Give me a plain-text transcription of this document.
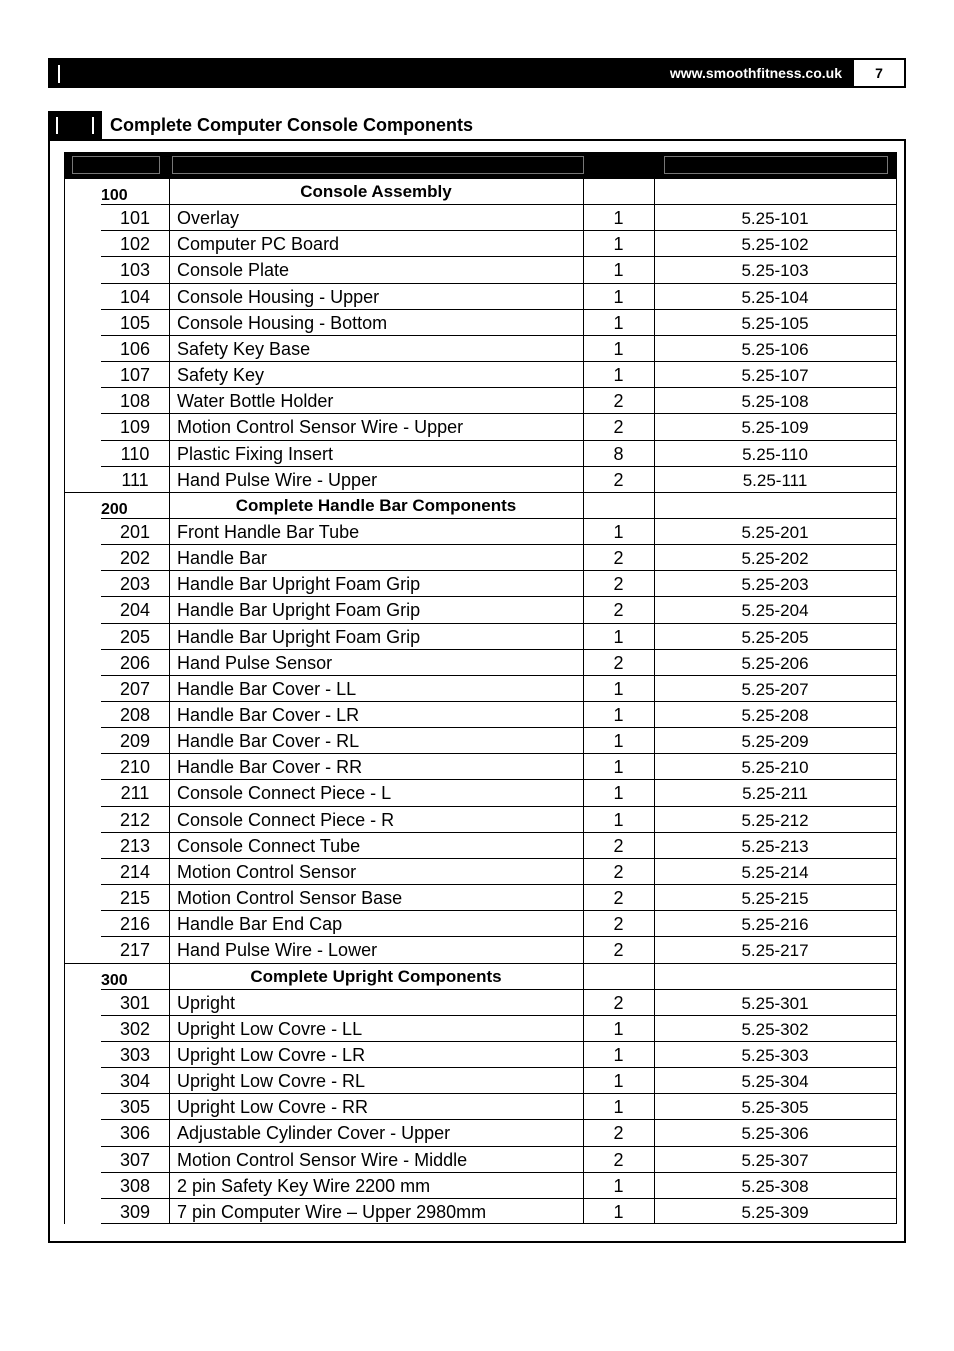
www.smoothfitness.co.uk	7
Complete Computer Console Components
100	Console Assembly
101	Overlay	1	5.25-101
102	Computer PC Board	1	5.25-102
103	Console Plate	1	5.25-103
104	Console Housing - Upper	1	5.25-104
105	Console Housing - Bottom	1	5.25-105
106	Safety Key Base	1	5.25-106
107	Safety Key	1	5.25-107
108	Water Bottle Holder	2	5.25-108
109	Motion Control Sensor Wire - Upper	2	5.25-109
110	Plastic Fixing Insert	8	5.25-110
111	Hand Pulse Wire - Upper	2	5.25-111
200	Complete Handle Bar Components
201	Front Handle Bar Tube	1	5.25-201
202	Handle Bar	2	5.25-202
203	Handle Bar Upright Foam Grip	2	5.25-203
204	Handle Bar Upright Foam Grip	2	5.25-204
205	Handle Bar Upright Foam Grip	1	5.25-205
206	Hand Pulse Sensor	2	5.25-206
207	Handle Bar Cover - LL	1	5.25-207
208	Handle Bar Cover - LR	1	5.25-208
209	Handle Bar Cover - RL	1	5.25-209
210	Handle Bar Cover - RR	1	5.25-210
211	Console Connect Piece - L	1	5.25-211
212	Console Connect Piece - R	1	5.25-212
213	Console Connect Tube	2	5.25-213
214	Motion Control Sensor	2	5.25-214
215	Motion Control Sensor Base	2	5.25-215
216	Handle Bar End Cap	2	5.25-216
217	Hand Pulse Wire - Lower	2	5.25-217
300	Complete Upright Components
301	Upright	2	5.25-301
302	Upright Low Covre - LL	1	5.25-302
303	Upright Low Covre - LR	1	5.25-303
304	Upright Low Covre - RL	1	5.25-304
305	Upright Low Covre - RR	1	5.25-305
306	Adjustable Cylinder Cover - Upper	2	5.25-306
307	Motion Control Sensor Wire - Middle	2	5.25-307
308	2 pin Safety Key Wire 2200 mm	1	5.25-308
309	7 pin Computer Wire – Upper 2980mm	1	5.25-309
